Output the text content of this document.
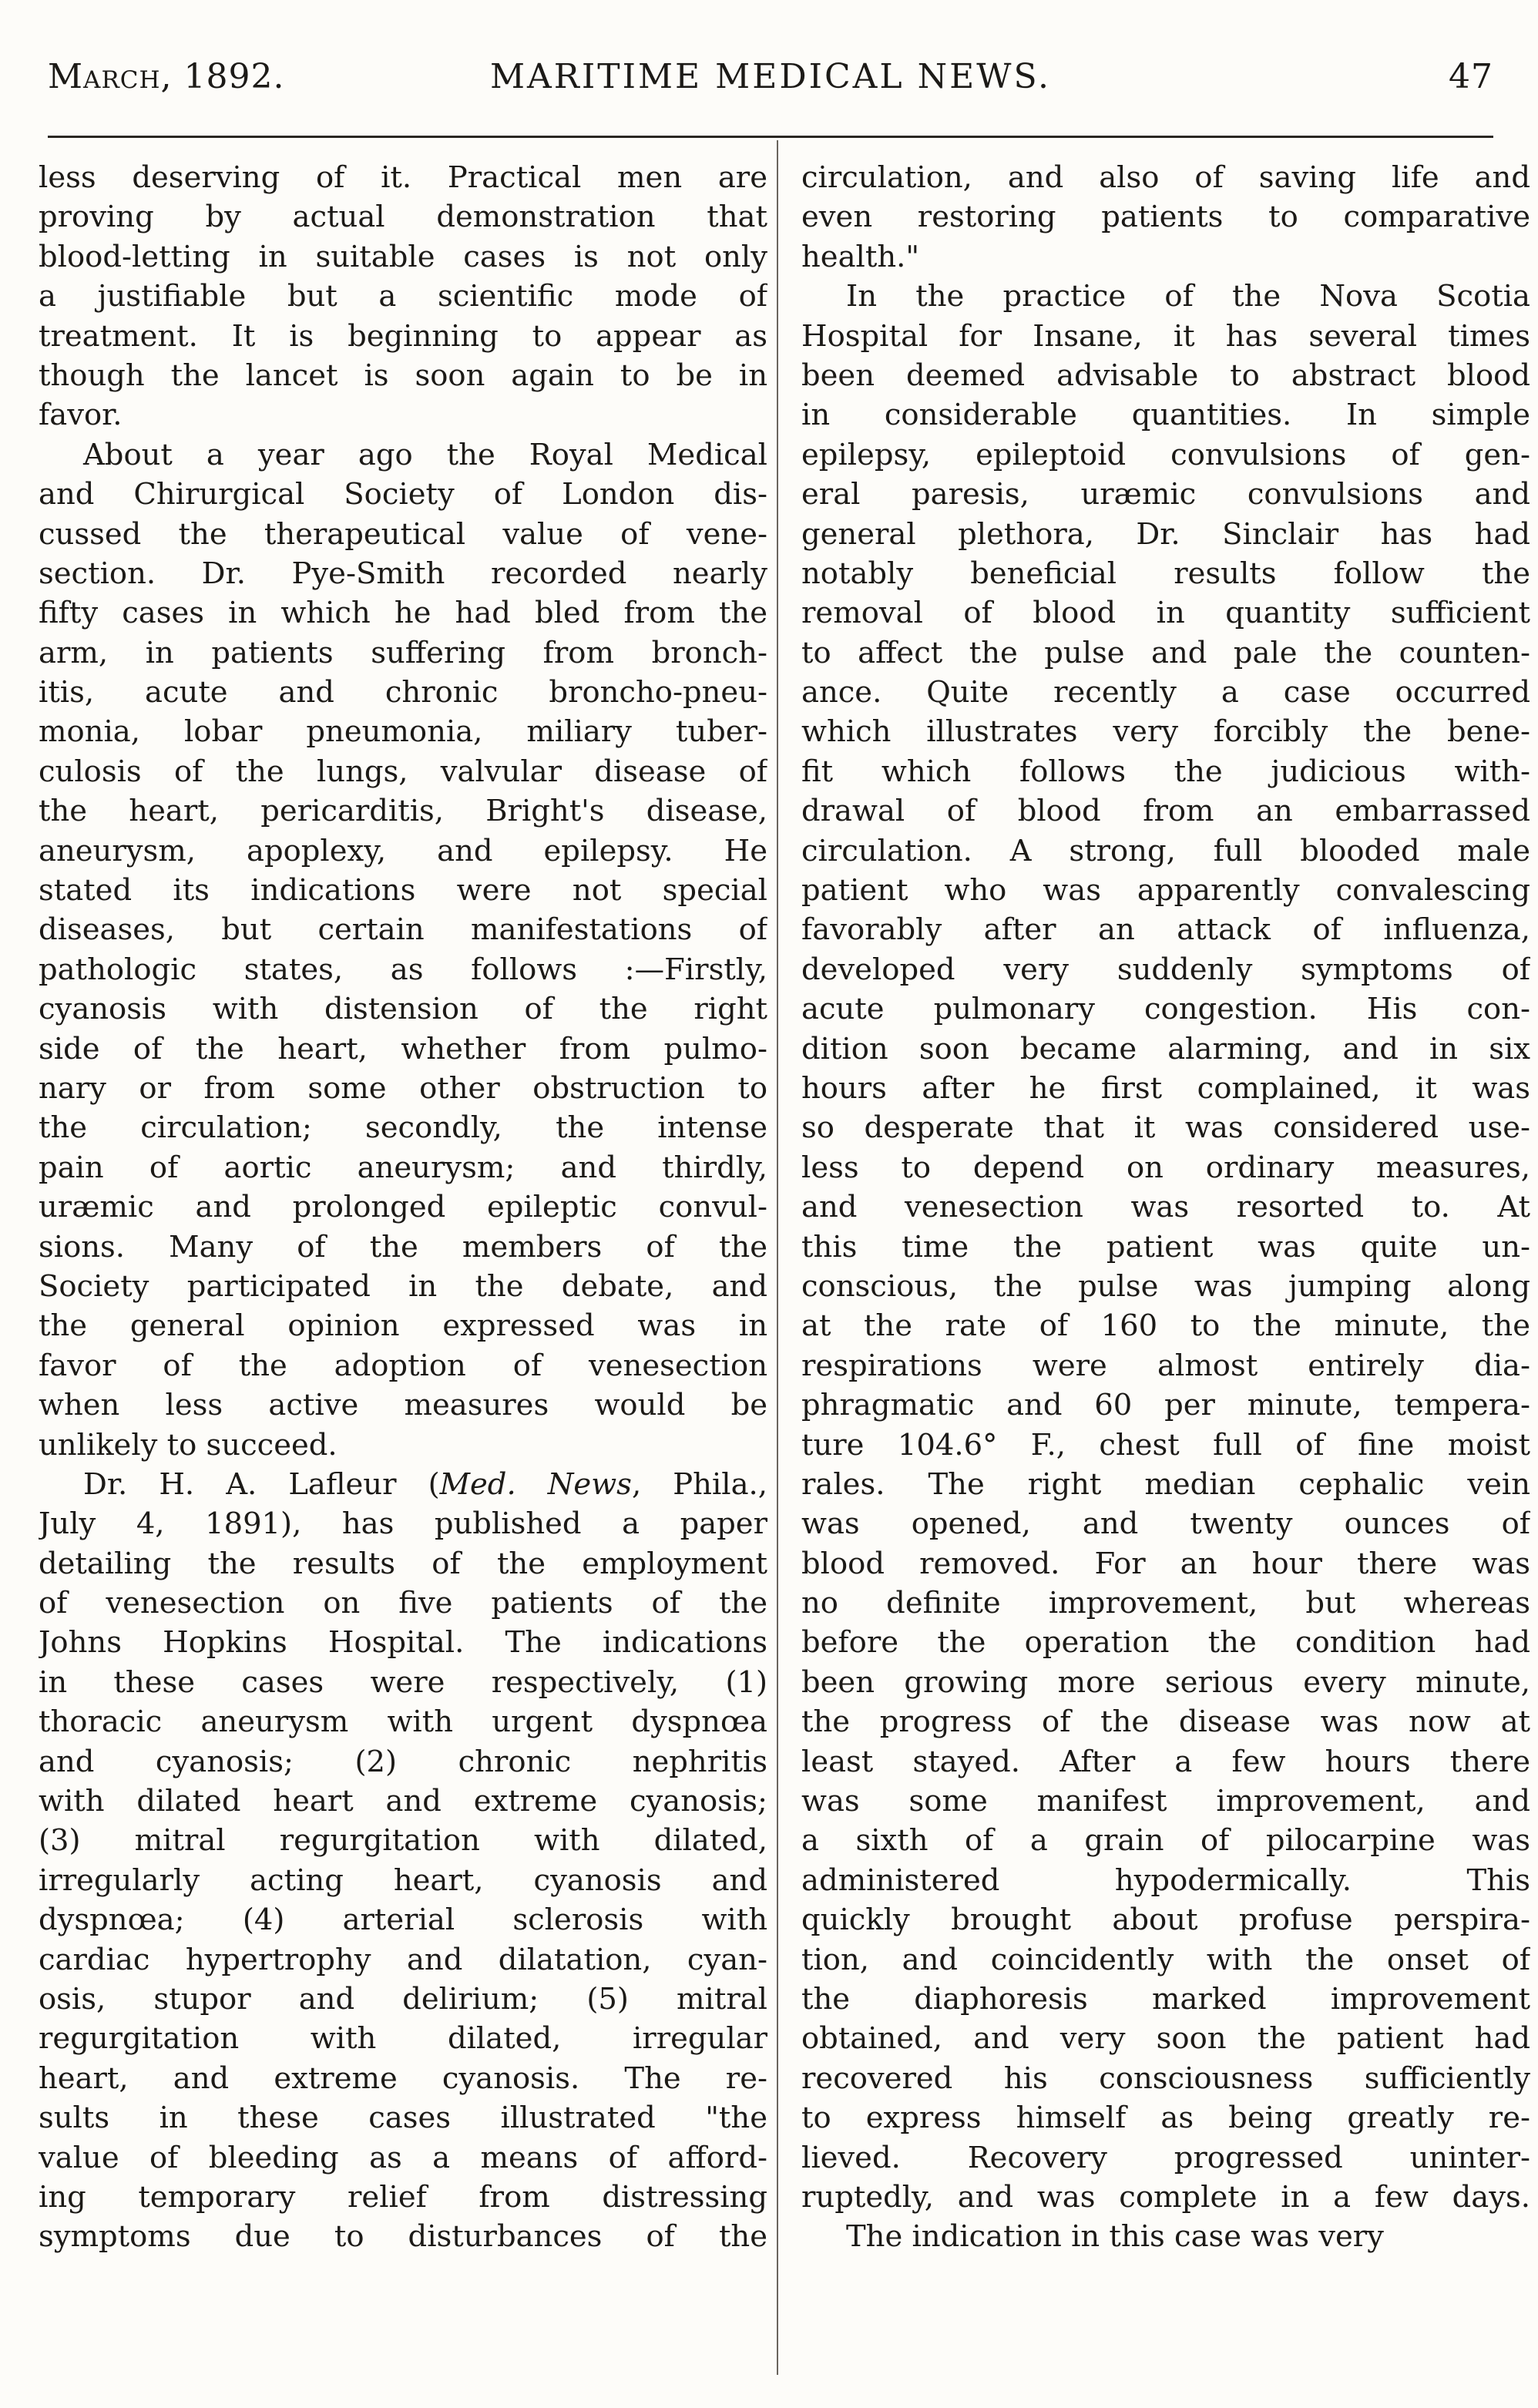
March, 1892.	MARITIME MEDICAL NEWS.	47
less deserving of it. Practical men are
proving by actual demonstration that
blood-letting in suitable cases is not only
a justifiable but a scientific mode of
treatment. It is beginning to appear as
though the lancet is soon again to be in
favor.
About a year ago the Royal Medical
and Chirurgical Society of London dis-
cussed the therapeutical value of vene-
section. Dr. Pye-Smith recorded nearly
fifty cases in which he had bled from the
arm, in patients suffering from bronch-
itis, acute and chronic broncho-pneu-
monia, lobar pneumonia, miliary tuber-
culosis of the lungs, valvular disease of
the heart, pericarditis, Bright's disease,
aneurysm, apoplexy, and epilepsy. He
stated its indications were not special
diseases, but certain manifestations of
pathologic states, as follows :—Firstly,
cyanosis with distension of the right
side of the heart, whether from pulmo-
nary or from some other obstruction to
the circulation; secondly, the intense
pain of aortic aneurysm; and thirdly,
uræmic and prolonged epileptic convul-
sions. Many of the members of the
Society participated in the debate, and
the general opinion expressed was in
favor of the adoption of venesection
when less active measures would be
unlikely to succeed.
Dr. H. A. Lafleur (Med. News, Phila.,
July 4, 1891), has published a paper
detailing the results of the employment
of venesection on five patients of the
Johns Hopkins Hospital. The indications
in these cases were respectively, (1)
thoracic aneurysm with urgent dyspnœa
and cyanosis; (2) chronic nephritis
with dilated heart and extreme cyanosis;
(3) mitral regurgitation with dilated,
irregularly acting heart, cyanosis and
dyspnœa; (4) arterial sclerosis with
cardiac hypertrophy and dilatation, cyan-
osis, stupor and delirium; (5) mitral
regurgitation with dilated, irregular
heart, and extreme cyanosis. The re-
sults in these cases illustrated "the
value of bleeding as a means of afford-
ing temporary relief from distressing
symptoms due to disturbances of the
circulation, and also of saving life and
even restoring patients to comparative
health."
In the practice of the Nova Scotia
Hospital for Insane, it has several times
been deemed advisable to abstract blood
in considerable quantities. In simple
epilepsy, epileptoid convulsions of gen-
eral paresis, uræmic convulsions and
general plethora, Dr. Sinclair has had
notably beneficial results follow the
removal of blood in quantity sufficient
to affect the pulse and pale the counten-
ance. Quite recently a case occurred
which illustrates very forcibly the bene-
fit which follows the judicious with-
drawal of blood from an embarrassed
circulation. A strong, full blooded male
patient who was apparently convalescing
favorably after an attack of influenza,
developed very suddenly symptoms of
acute pulmonary congestion. His con-
dition soon became alarming, and in six
hours after he first complained, it was
so desperate that it was considered use-
less to depend on ordinary measures,
and venesection was resorted to. At
this time the patient was quite un-
conscious, the pulse was jumping along
at the rate of 160 to the minute, the
respirations were almost entirely dia-
phragmatic and 60 per minute, tempera-
ture 104.6° F., chest full of fine moist
rales. The right median cephalic vein
was opened, and twenty ounces of
blood removed. For an hour there was
no definite improvement, but whereas
before the operation the condition had
been growing more serious every minute,
the progress of the disease was now at
least stayed. After a few hours there
was some manifest improvement, and
a sixth of a grain of pilocarpine was
administered hypodermically. This
quickly brought about profuse perspira-
tion, and coincidently with the onset of
the diaphoresis marked improvement
obtained, and very soon the patient had
recovered his consciousness sufficiently
to express himself as being greatly re-
lieved. Recovery progressed uninter-
ruptedly, and was complete in a few days.
The indication in this case was very
